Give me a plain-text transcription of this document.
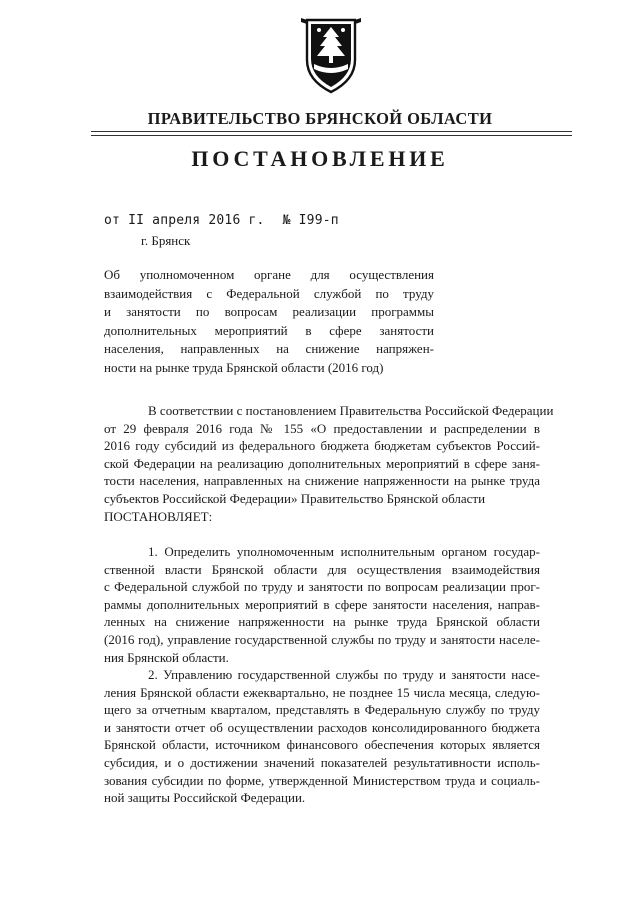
ПРАВИТЕЛЬСТВО БРЯНСКОЙ ОБЛАСТИ
ПОСТАНОВЛЕНИЕ
от II апреля 2016 г. № I99-п
г. Брянск
Об уполномоченном органе для осуществления
взаимодействия с Федеральной службой по труду
и занятости по вопросам реализации программы
дополнительных мероприятий в сфере занятости
населения, направленных на снижение напряжен-
ности на рынке труда Брянской области (2016 год)
В соответствии с постановлением Правительства Российской Федерации
от 29 февраля 2016 года № 155 «О предоставлении и распределении в
2016 году субсидий из федерального бюджета бюджетам субъектов Россий-
ской Федерации на реализацию дополнительных мероприятий в сфере заня-
тости населения, направленных на снижение напряженности на рынке труда
субъектов Российской Федерации» Правительство Брянской области
ПОСТАНОВЛЯЕТ:
1. Определить уполномоченным исполнительным органом государ-
ственной власти Брянской области для осуществления взаимодействия
с Федеральной службой по труду и занятости по вопросам реализации прог-
раммы дополнительных мероприятий в сфере занятости населения, направ-
ленных на снижение напряженности на рынке труда Брянской области
(2016 год), управление государственной службы по труду и занятости населе-
ния Брянской области.
2. Управлению государственной службы по труду и занятости насе-
ления Брянской области ежеквартально, не позднее 15 числа месяца, следую-
щего за отчетным кварталом, представлять в Федеральную службу по труду
и занятости отчет об осуществлении расходов консолидированного бюджета
Брянской области, источником финансового обеспечения которых является
субсидия, и о достижении значений показателей результативности исполь-
зования субсидии по форме, утвержденной Министерством труда и социаль-
ной защиты Российской Федерации.
